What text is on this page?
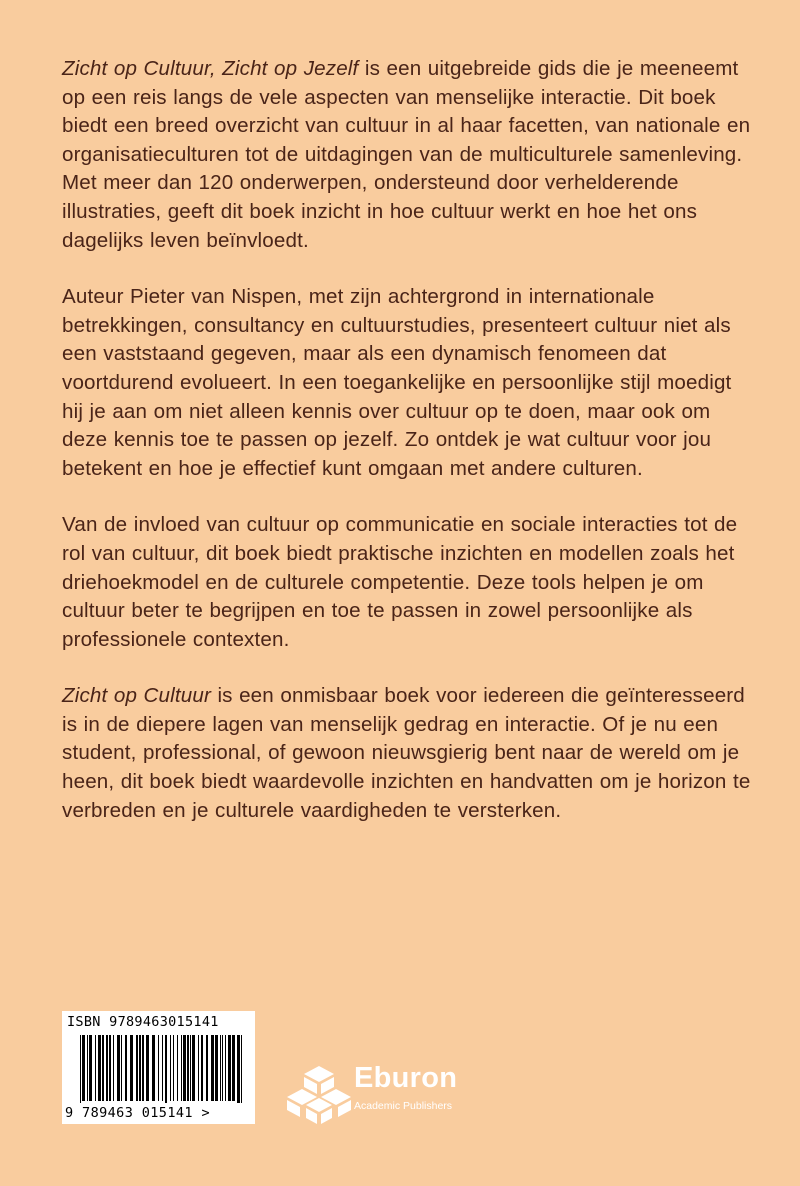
Zicht op Cultuur, Zicht op Jezelf is een uitgebreide gids die je meeneemt op een reis langs de vele aspecten van menselijke interactie. Dit boek biedt een breed overzicht van cultuur in al haar facetten, van nationale en organisatieculturen tot de uitdagingen van de multiculturele samenleving. Met meer dan 120 onderwerpen, ondersteund door verhelderende illustraties, geeft dit boek inzicht in hoe cultuur werkt en hoe het ons dagelijks leven beïnvloedt.

Auteur Pieter van Nispen, met zijn achtergrond in internationale betrekkingen, consultancy en cultuurstudies, presenteert cultuur niet als een vaststaand gegeven, maar als een dynamisch fenomeen dat voortdurend evolueert. In een toegankelijke en persoonlijke stijl moedigt hij je aan om niet alleen kennis over cultuur op te doen, maar ook om deze kennis toe te passen op jezelf. Zo ontdek je wat cultuur voor jou betekent en hoe je effectief kunt omgaan met andere culturen.

Van de invloed van cultuur op communicatie en sociale interacties tot de rol van cultuur, dit boek biedt praktische inzichten en modellen zoals het driehoekmodel en de culturele competentie. Deze tools helpen je om cultuur beter te begrijpen en toe te passen in zowel persoonlijke als professionele contexten.

Zicht op Cultuur is een onmisbaar boek voor iedereen die geïnteresseerd is in de diepere lagen van menselijk gedrag en interactie. Of je nu een student, professional, of gewoon nieuwsgierig bent naar de wereld om je heen, dit boek biedt waardevolle inzichten en handvatten om je horizon te verbreden en je culturele vaardigheden te versterken.

ISBN 9789463015141
9 789463 015141 >
Eburon
Academic Publishers
